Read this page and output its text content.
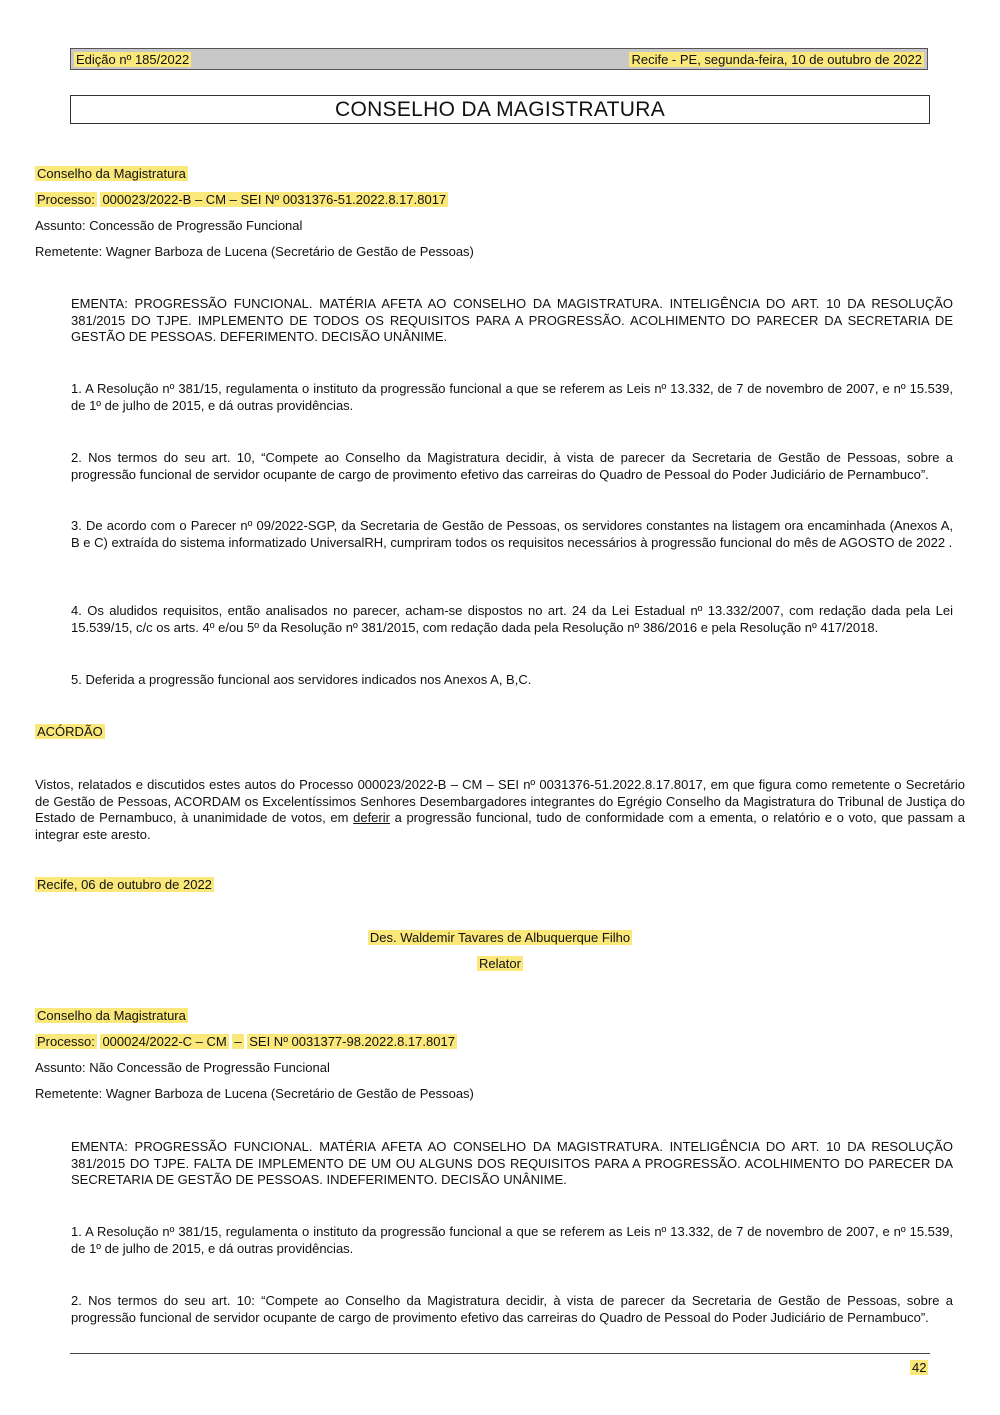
Edição nº 185/2022	Recife - PE, segunda-feira, 10 de outubro de 2022
CONSELHO DA MAGISTRATURA
Conselho da Magistratura
Processo: 000023/2022-B – CM – SEI Nº 0031376-51.2022.8.17.8017
Assunto: Concessão de Progressão Funcional
Remetente: Wagner Barboza de Lucena (Secretário de Gestão de Pessoas)
EMENTA: PROGRESSÃO FUNCIONAL. MATÉRIA AFETA AO CONSELHO DA MAGISTRATURA. INTELIGÊNCIA DO ART. 10 DA RESOLUÇÃO 381/2015 DO TJPE. IMPLEMENTO DE TODOS OS REQUISITOS PARA A PROGRESSÃO. ACOLHIMENTO DO PARECER DA SECRETARIA DE GESTÃO DE PESSOAS. DEFERIMENTO. DECISÃO UNÂNIME.
1. A Resolução nº 381/15, regulamenta o instituto da progressão funcional a que se referem as Leis nº 13.332, de 7 de novembro de 2007, e nº 15.539, de 1º de julho de 2015, e dá outras providências.
2. Nos termos do seu art. 10, “Compete ao Conselho da Magistratura decidir, à vista de parecer da Secretaria de Gestão de Pessoas, sobre a progressão funcional de servidor ocupante de cargo de provimento efetivo das carreiras do Quadro de Pessoal do Poder Judiciário de Pernambuco”.
3. De acordo com o Parecer nº 09/2022-SGP, da Secretaria de Gestão de Pessoas, os servidores constantes na listagem ora encaminhada (Anexos A, B e C) extraída do sistema informatizado UniversalRH, cumpriram todos os requisitos necessários à progressão funcional do mês de AGOSTO de 2022 .
4. Os aludidos requisitos, então analisados no parecer, acham-se dispostos no art. 24 da Lei Estadual nº 13.332/2007, com redação dada pela Lei 15.539/15, c/c os arts. 4º e/ou 5º da Resolução nº 381/2015, com redação dada pela Resolução nº 386/2016 e pela Resolução nº 417/2018.
5. Deferida a progressão funcional aos servidores indicados nos Anexos A, B,C.
ACÓRDÃO
Vistos, relatados e discutidos estes autos do Processo 000023/2022-B – CM – SEI nº 0031376-51.2022.8.17.8017, em que figura como remetente o Secretário de Gestão de Pessoas, ACORDAM os Excelentíssimos Senhores Desembargadores integrantes do Egrégio Conselho da Magistratura do Tribunal de Justiça do Estado de Pernambuco, à unanimidade de votos, em deferir a progressão funcional, tudo de conformidade com a ementa, o relatório e o voto, que passam a integrar este aresto.
Recife, 06 de outubro de 2022
Des. Waldemir Tavares de Albuquerque Filho
Relator
Conselho da Magistratura
Processo: 000024/2022-C – CM – SEI Nº 0031377-98.2022.8.17.8017
Assunto: Não Concessão de Progressão Funcional
Remetente: Wagner Barboza de Lucena (Secretário de Gestão de Pessoas)
EMENTA: PROGRESSÃO FUNCIONAL. MATÉRIA AFETA AO CONSELHO DA MAGISTRATURA. INTELIGÊNCIA DO ART. 10 DA RESOLUÇÃO 381/2015 DO TJPE. FALTA DE IMPLEMENTO DE UM OU ALGUNS DOS REQUISITOS PARA A PROGRESSÃO. ACOLHIMENTO DO PARECER DA SECRETARIA DE GESTÃO DE PESSOAS. INDEFERIMENTO. DECISÃO UNÂNIME.
1. A Resolução nº 381/15, regulamenta o instituto da progressão funcional a que se referem as Leis nº 13.332, de 7 de novembro de 2007, e nº 15.539, de 1º de julho de 2015, e dá outras providências.
2. Nos termos do seu art. 10: “Compete ao Conselho da Magistratura decidir, à vista de parecer da Secretaria de Gestão de Pessoas, sobre a progressão funcional de servidor ocupante de cargo de provimento efetivo das carreiras do Quadro de Pessoal do Poder Judiciário de Pernambuco”.
42
